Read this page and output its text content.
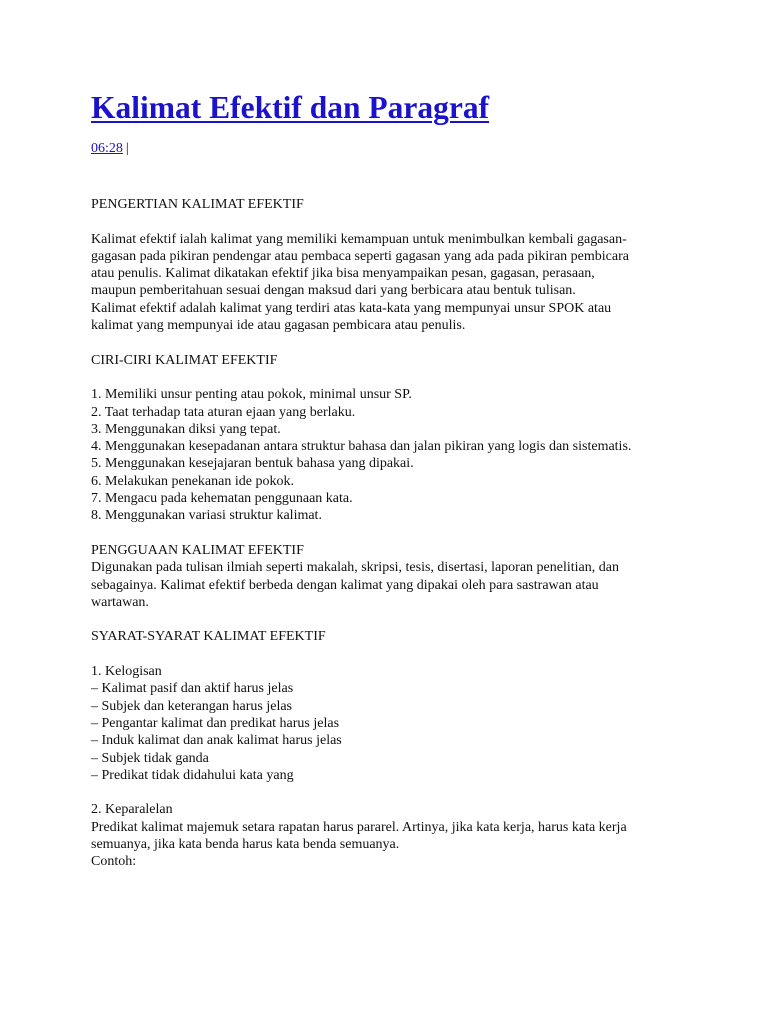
Kalimat Efektif dan Paragraf
06:28 |
PENGERTIAN KALIMAT EFEKTIF
Kalimat efektif ialah kalimat yang memiliki kemampuan untuk menimbulkan kembali gagasan-
gagasan pada pikiran pendengar atau pembaca seperti gagasan yang ada pada pikiran pembicara
atau penulis. Kalimat dikatakan efektif jika bisa menyampaikan pesan, gagasan, perasaan,
maupun pemberitahuan sesuai dengan maksud dari yang berbicara atau bentuk tulisan.
Kalimat efektif adalah kalimat yang terdiri atas kata-kata yang mempunyai unsur SPOK atau
kalimat yang mempunyai ide atau gagasan pembicara atau penulis.
CIRI-CIRI KALIMAT EFEKTIF
1. Memiliki unsur penting atau pokok, minimal unsur SP.
2. Taat terhadap tata aturan ejaan yang berlaku.
3. Menggunakan diksi yang tepat.
4. Menggunakan kesepadanan antara struktur bahasa dan jalan pikiran yang logis dan sistematis.
5. Menggunakan kesejajaran bentuk bahasa yang dipakai.
6. Melakukan penekanan ide pokok.
7. Mengacu pada kehematan penggunaan kata.
8. Menggunakan variasi struktur kalimat.
PENGGUAAN KALIMAT EFEKTIF
Digunakan pada tulisan ilmiah seperti makalah, skripsi, tesis, disertasi, laporan penelitian, dan
sebagainya. Kalimat efektif berbeda dengan kalimat yang dipakai oleh para sastrawan atau
wartawan.
SYARAT-SYARAT KALIMAT EFEKTIF
1. Kelogisan
– Kalimat pasif dan aktif harus jelas
– Subjek dan keterangan harus jelas
– Pengantar kalimat dan predikat harus jelas
– Induk kalimat dan anak kalimat harus jelas
– Subjek tidak ganda
– Predikat tidak didahului kata yang
2. Keparalelan
Predikat kalimat majemuk setara rapatan harus pararel. Artinya, jika kata kerja, harus kata kerja
semuanya, jika kata benda harus kata benda semuanya.
Contoh:
